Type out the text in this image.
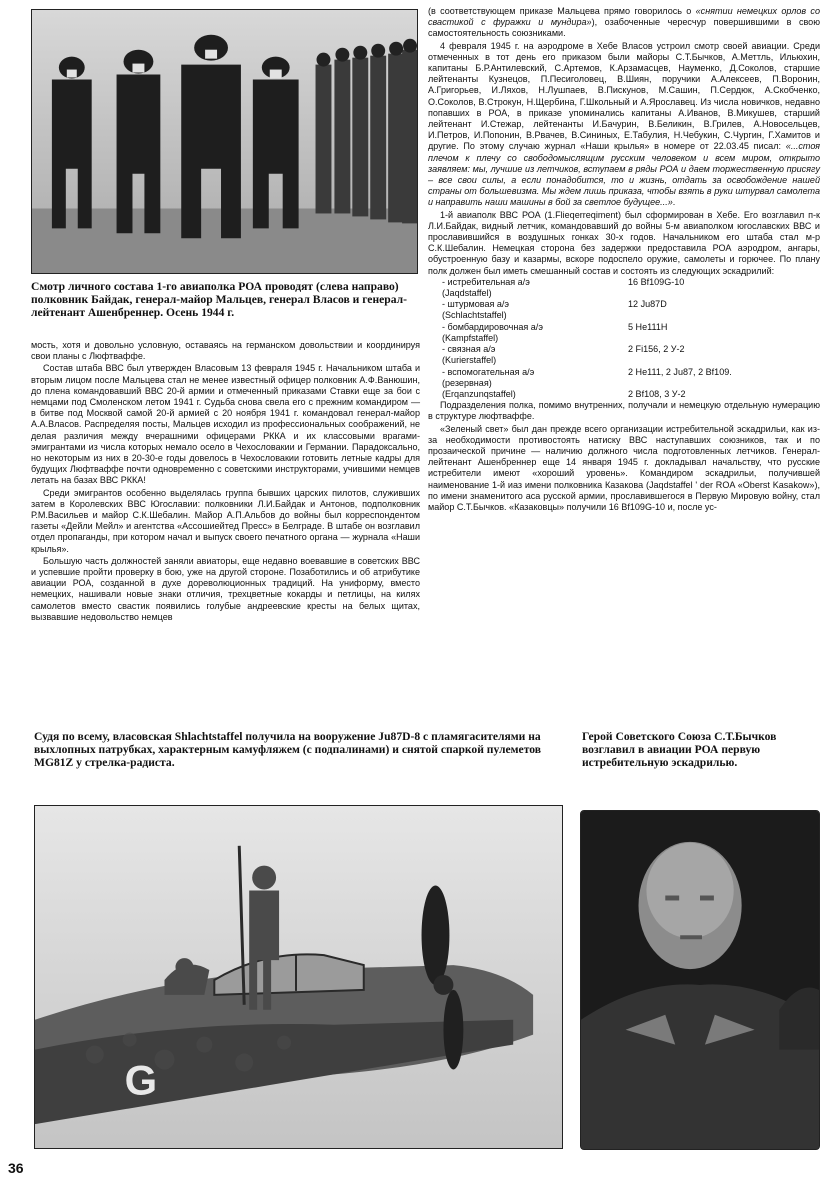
Смотр личного состава 1-го авиаполка РОА проводят (слева направо) полковник Байдак, генерал-майор Мальцев, генерал Власов и генерал-лейтенант Ашенбреннер. Осень 1944 г.

мость, хотя и довольно условную, оставаясь на германском довольствии и координируя свои планы с Люфтваффе.

Состав штаба ВВС был утвержден Власовым 13 февраля 1945 г. Начальником штаба и вторым лицом после Мальцева стал не менее известный офицер полковник А.Ф.Ванюшин, до плена командовавший ВВС 20-й армии и отмеченный приказами Ставки еще за бои с немцами под Смоленском летом 1941 г. Судьба снова свела его с прежним командиром — в битве под Москвой самой 20-й армией с 20 ноября 1941 г. командовал генерал-майор А.А.Власов. Распределяя посты, Мальцев исходил из профессиональных соображений, не делая различия между вчерашними офицерами РККА и их классовыми врагами-эмигрантами из числа которых немало осело в Чехословакии и Германии. Парадоксально, но некоторым из них в 20-30-е годы довелось в Чехословакии готовить летные кадры для будущих Люфтваффе почти одновременно с советскими инструкторами, учившими немцев летать на базах ВВС РККА!

Среди эмигрантов особенно выделялась группа бывших царских пилотов, служивших затем в Королевских ВВС Югославии: полковники Л.И.Байдак и Антонов, подполковник Р.М.Васильев и майор С.К.Шебалин. Майор А.П.Альбов до войны был корреспондентом газеты «Дейли Мейл» и агентства «Ассошиейтед Пресс» в Белграде. В штабе он возглавил отдел пропаганды, при котором начал и выпуск своего печатного органа — журнала «Наши крылья».

Большую часть должностей заняли авиаторы, еще недавно воевавшие в советских ВВС и успевшие пройти проверку в бою, уже на другой стороне. Позаботились и об атрибутике авиации РОА, созданной в духе дореволюционных традиций. На униформу, вместо немецких, нашивали новые знаки отличия, трехцветные кокарды и петлицы, на килях самолетов вместо свастик появились голубые андреевские кресты на белых щитах, вызвавшие недовольство немцев

(в соответствующем приказе Мальцева прямо говорилось о «снятии немецких орлов со свастикой с фуражки и мундира»), озабоченные чересчур повершившими в свою самостоятельность союзниками.

4 февраля 1945 г. на аэродроме в Хебе Власов устроил смотр своей авиации. Среди отмеченных в тот день его приказом были майоры С.Т.Бычков, А.Меттль, Ильюхин, капитаны Б.Р.Антилевский, С.Артемов, К.Арзамасцев, Науменко, Д.Соколов, старшие лейтенанты Кузнецов, П.Песиголовец, В.Шиян, поручики А.Алексеев, П.Воронин, А.Григорьев, И.Ляхов, Н.Лушпаев, В.Пискунов, М.Сашин, П.Сердюк, А.Скобченко, О.Соколов, В.Строкун, Н.Щербина, Г.Школьный и А.Ярославец. Из числа новичков, недавно попавших в РОА, в приказе упоминались капитаны А.Иванов, В.Микушев, старший лейтенант И.Стежар, лейтенанты И.Бачурин, В.Беликин, В.Грилев, А.Новосельцев, И.Петров, И.Попонин, В.Рвачев, В.Сининых, Е.Табулия, Н.Чебукин, С.Чургин, Г.Хамитов и другие. По этому случаю журнал «Наши крылья» в номере от 22.03.45 писал: «...стоя плечом к плечу со свободомыслящим русским человеком и всем миром, открыто заявляем: мы, лучшие из летчиков, вступаем в ряды РОА и даем торжественную присягу – все свои силы, а если понадобится, то и жизнь, отдать за освобождение нашей страны от большевизма. Мы ждем лишь приказа, чтобы взять в руки штурвал самолета и направить наши машины в бой за светлое будущее...».

1-й авиаполк ВВС РОА (1.Flieqerreqiment) был сформирован в Хебе. Его возглавил п-к Л.И.Байдак, видный летчик, командовавший до войны 5-м авиаполком югославских ВВС и прославившийся в воздушных гонках 30-х годов. Начальником его штаба стал м-р С.К.Шебалин. Немецкая сторона без задержки предоставила РОА аэродром, ангары, обустроенную базу и казармы, вскоре подоспело оружие, самолеты и горючее. По плану полк должен был иметь смешанный состав и состоять из следующих эскадрилий:

- истребительная а/э	16 Bf109G-10
(Jaqdstaffel)
- штурмовая а/э	12 Ju87D
(Schlachtstaffel)
- бомбардировочная а/э	5 He111H
(Kampfstaffel)
- связная а/э	2 Fi156, 2 У-2
(Kurierstaffel)
- вспомогательная а/э	2 He111, 2 Ju87, 2 Bf109.
(резервная)
(Erqanzunqstaffel)	2 Bf108, 3 У-2

Подразделения полка, помимо внутренних, получали и немецкую отдельную нумерацию в структуре люфтваффе.

«Зеленый свет» был дан прежде всего организации истребительной эскадрильи, как из-за необходимости противостоять натиску ВВС наступавших союзников, так и по прозаической причине — наличию должного числа подготовленных летчиков. Генерал-лейтенант Ашенбреннер еще 14 января 1945 г. докладывал начальству, что русские истребители имеют «хороший уровень». Командиром эскадрильи, получившей наименование 1-й иаз имени полковника Казакова (Jaqdstaffel ' der ROA «Oberst Kasakow»), по имени знаменитого аса русской армии, прославившегося в Первую Мировую войну, стал майор С.Т.Бычков. «Казаковцы» получили 16 Bf109G-10 и, после ус-

Судя по всему, власовская Shlachtstaffel получила на вооружение Ju87D-8 с пламягасителями на выхлопных патрубках, характерным камуфляжем (с подпалинами) и снятой спаркой пулеметов MG81Z у стрелка-радиста.
Герой Советского Союза С.Т.Бычков возглавил в авиации РОА первую истребительную эскадрилью.
G
36
